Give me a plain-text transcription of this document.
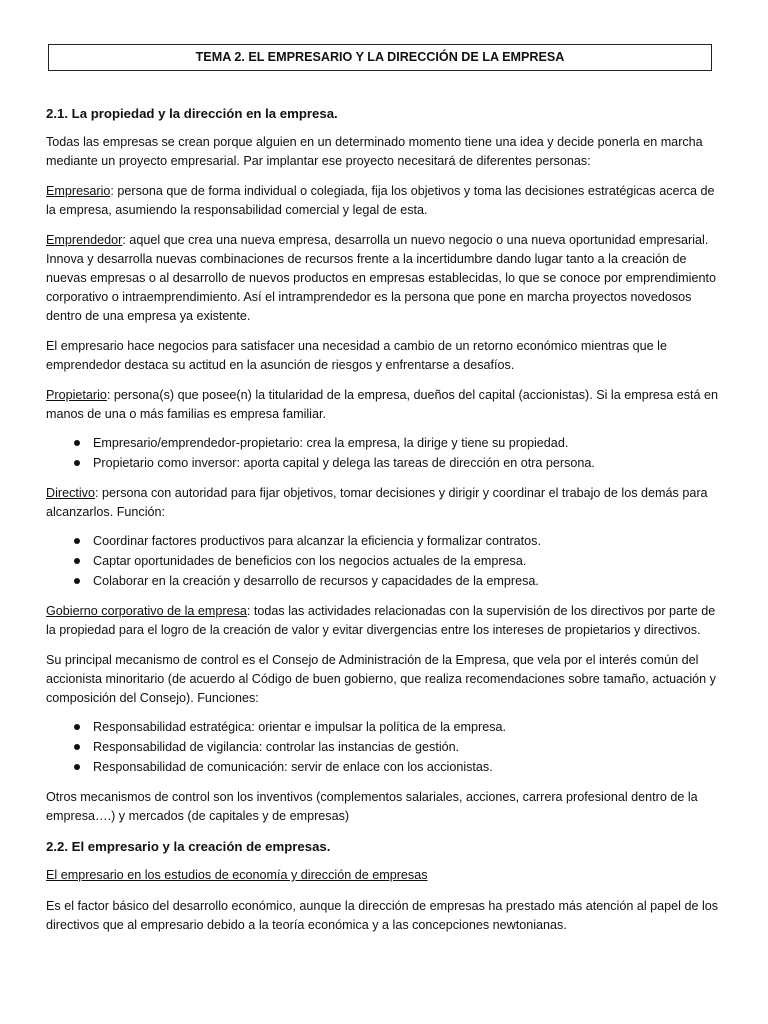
TEMA 2. EL EMPRESARIO Y LA DIRECCIÓN DE LA EMPRESA
2.1. La propiedad y la dirección en la empresa.

Todas las empresas se crean porque alguien en un determinado momento tiene una idea y decide ponerla en marcha mediante un proyecto empresarial. Par implantar ese proyecto necesitará de diferentes personas:

Empresario: persona que de forma individual o colegiada, fija los objetivos y toma las decisiones estratégicas acerca de la empresa, asumiendo la responsabilidad comercial y legal de esta.

Emprendedor: aquel que crea una nueva empresa, desarrolla un nuevo negocio o una nueva oportunidad empresarial. Innova y desarrolla nuevas combinaciones de recursos frente a la incertidumbre dando lugar tanto a la creación de nuevas empresas o al desarrollo de nuevos productos en empresas establecidas, lo que se conoce por emprendimiento corporativo o intraemprendimiento. Así el intramprendedor es la persona que pone en marcha proyectos novedosos dentro de una empresa ya existente.

El empresario hace negocios para satisfacer una necesidad a cambio de un retorno económico mientras que le emprendedor destaca su actitud en la asunción de riesgos y enfrentarse a desafíos.

Propietario: persona(s) que posee(n) la titularidad de la empresa, dueños del capital (accionistas). Si la empresa está en manos de una o más familias es empresa familiar.

Empresario/emprendedor-propietario: crea la empresa, la dirige y tiene su propiedad.
Propietario como inversor: aporta capital y delega las tareas de dirección en otra persona.

Directivo: persona con autoridad para fijar objetivos, tomar decisiones y dirigir y coordinar el trabajo de los demás para alcanzarlos. Función:

Coordinar factores productivos para alcanzar la eficiencia y formalizar contratos.
Captar oportunidades de beneficios con los negocios actuales de la empresa.
Colaborar en la creación y desarrollo de recursos y capacidades de la empresa.

Gobierno corporativo de la empresa: todas las actividades relacionadas con la supervisión de los directivos por parte de la propiedad para el logro de la creación de valor y evitar divergencias entre los intereses de propietarios y directivos.

Su principal mecanismo de control es el Consejo de Administración de la Empresa, que vela por el interés común del accionista minoritario (de acuerdo al Código de buen gobierno, que realiza recomendaciones sobre tamaño, actuación y composición del Consejo). Funciones:

Responsabilidad estratégica: orientar e impulsar la política de la empresa.
Responsabilidad de vigilancia: controlar las instancias de gestión.
Responsabilidad de comunicación: servir de enlace con los accionistas.

Otros mecanismos de control son los inventivos (complementos salariales, acciones, carrera profesional dentro de la empresa….) y mercados (de capitales y de empresas)

2.2. El empresario y la creación de empresas.

El empresario en los estudios de economía y dirección de empresas

Es el factor básico del desarrollo económico, aunque la dirección de empresas ha prestado más atención al papel de los directivos que al empresario debido a la teoría económica y a las concepciones newtonianas.
